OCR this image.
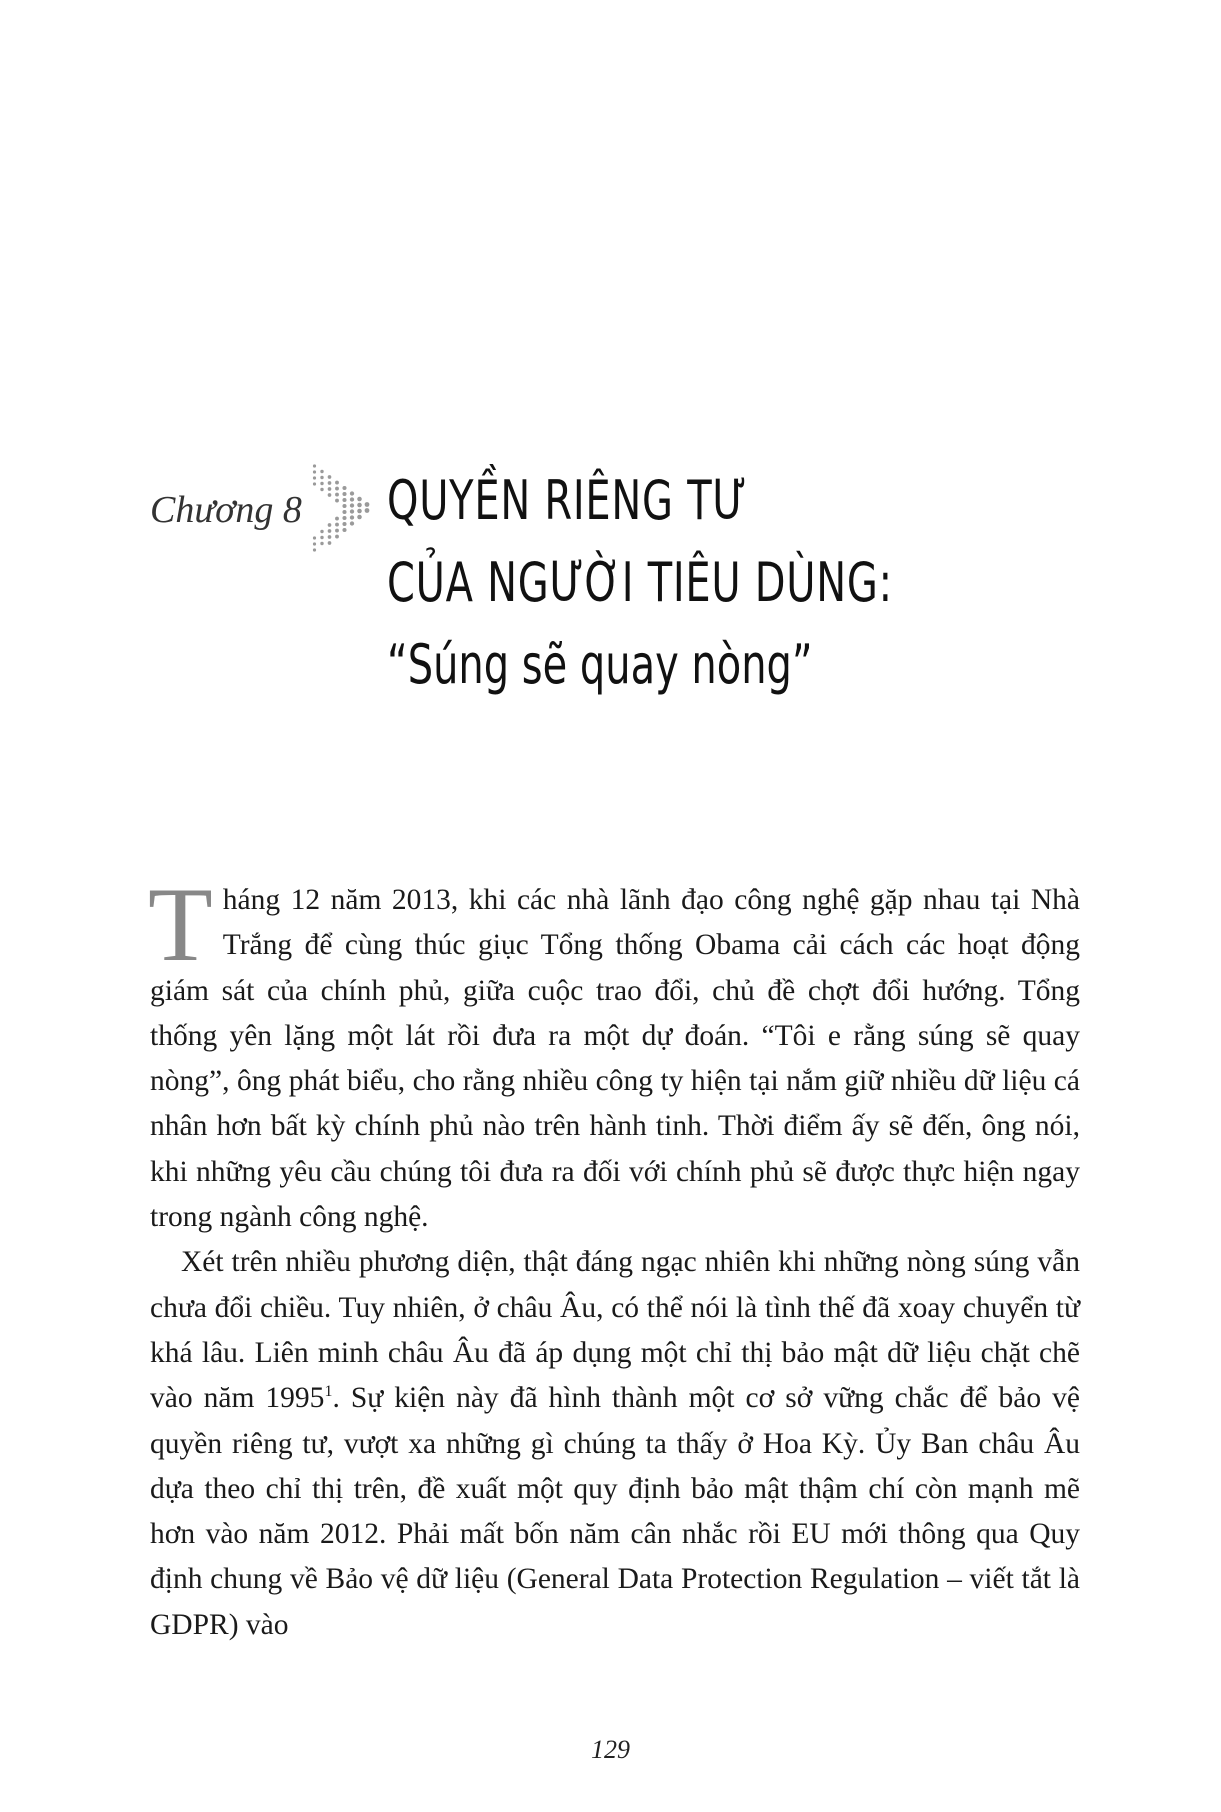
Chương 8 QUYỀN RIÊNG TƯ
CỦA NGƯỜI TIÊU DÙNG:
“Súng sẽ quay nòng”

Tháng 12 năm 2013, khi các nhà lãnh đạo công nghệ gặp nhau tại Nhà Trắng để cùng thúc giục Tổng thống Obama cải cách các hoạt động giám sát của chính phủ, giữa cuộc trao đổi, chủ đề chợt đổi hướng. Tổng thống yên lặng một lát rồi đưa ra một dự đoán. “Tôi e rằng súng sẽ quay nòng”, ông phát biểu, cho rằng nhiều công ty hiện tại nắm giữ nhiều dữ liệu cá nhân hơn bất kỳ chính phủ nào trên hành tinh. Thời điểm ấy sẽ đến, ông nói, khi những yêu cầu chúng tôi đưa ra đối với chính phủ sẽ được thực hiện ngay trong ngành công nghệ.

Xét trên nhiều phương diện, thật đáng ngạc nhiên khi những nòng súng vẫn chưa đổi chiều. Tuy nhiên, ở châu Âu, có thể nói là tình thế đã xoay chuyển từ khá lâu. Liên minh châu Âu đã áp dụng một chỉ thị bảo mật dữ liệu chặt chẽ vào năm 1995$^1$. Sự kiện này đã hình thành một cơ sở vững chắc để bảo vệ quyền riêng tư, vượt xa những gì chúng ta thấy ở Hoa Kỳ. Ủy Ban châu Âu dựa theo chỉ thị trên, đề xuất một quy định bảo mật thậm chí còn mạnh mẽ hơn vào năm 2012. Phải mất bốn năm cân nhắc rồi EU mới thông qua Quy định chung về Bảo vệ dữ liệu (General Data Protection Regulation – viết tắt là GDPR) vào

129
